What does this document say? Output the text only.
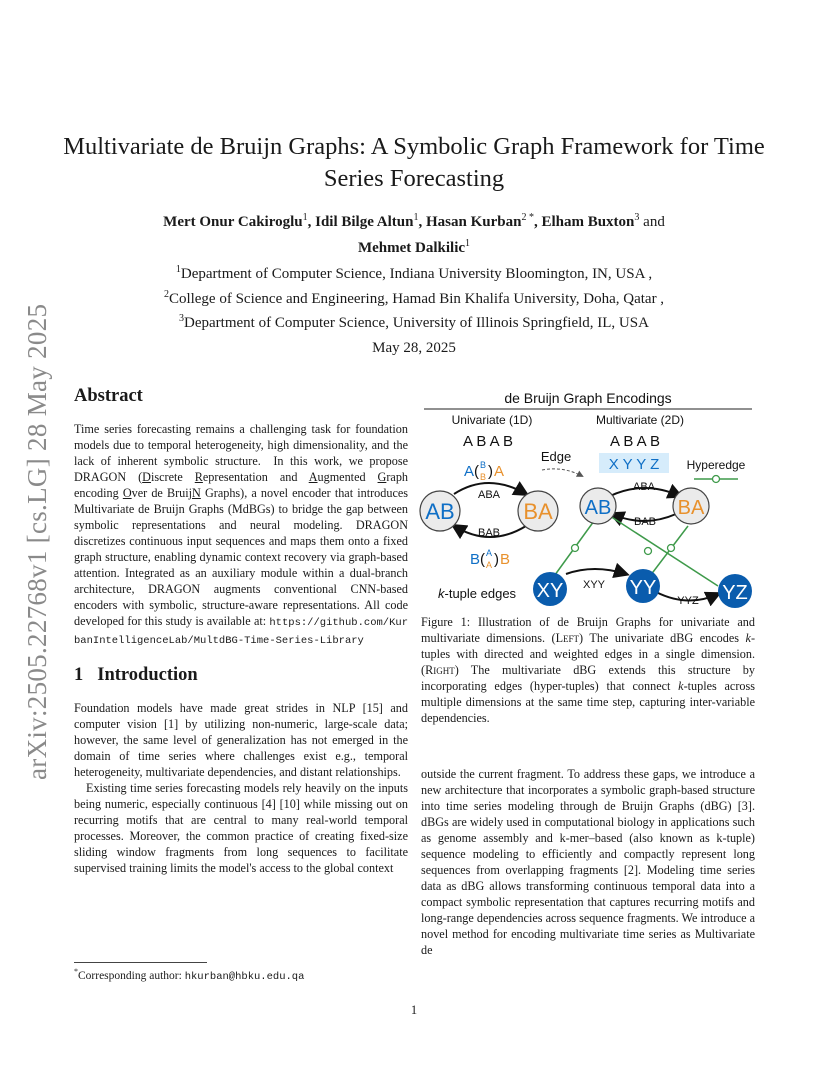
arXiv:2505.22768v1 [cs.LG] 28 May 2025
Multivariate de Bruijn Graphs: A Symbolic Graph Framework for Time Series Forecasting
Mert Onur Cakiroglu$^1$, Idil Bilge Altun$^1$, Hasan Kurban$^{2 *}$, Elham Buxton$^3$ and
Mehmet Dalkilic$^1$
$^1$Department of Computer Science, Indiana University Bloomington, IN, USA ,
$^2$College of Science and Engineering, Hamad Bin Khalifa University, Doha, Qatar ,
$^3$Department of Computer Science, University of Illinois Springfield, IL, USA
May 28, 2025
Abstract

Time series forecasting remains a challenging task for foundation models due to temporal heterogeneity, high dimensionality, and the lack of inherent symbolic structure. In this work, we propose DRAGON (Discrete Representation and Augmented Graph encoding Over de BruijN Graphs), a novel encoder that introduces Multivariate de Bruijn Graphs (MdBGs) to bridge the gap between symbolic representations and neural modeling. DRAGON discretizes continuous input sequences and maps them onto a fixed graph structure, enabling dynamic context recovery via graph-based attention. Integrated as an auxiliary module within a dual-branch architecture, DRAGON augments conventional CNN-based encoders with symbolic, structure-aware representations. All code developed for this study is available at: https://github.com/KurbanIntelligenceLab/MultdBG-Time-Series-Library

1 Introduction

Foundation models have made great strides in NLP [15] and computer vision [1] by utilizing non-numeric, large-scale data; however, the same level of generalization has not emerged in the domain of time series where challenges exist e.g., temporal heterogeneity, multivariate dependencies, and distant relationships.

Existing time series forecasting models rely heavily on the inputs being numeric, especially continuous [4] [10] while missing out on recurring motifs that are central to many real-world temporal processes. Moreover, the common practice of creating fixed-size sliding window fragments from long sequences to facilitate supervised training limits the model's access to the global context

*Corresponding author: hkurban@hbku.edu.qa
de Bruijn Graph Encodings
Univariate (1D)	Multivariate (2D)
A B A B	A B A B
X Y Y Z
Edge
Hyperedge
A ( B
B ) A
ABA
BAB
AB	BA
B ( A
A ) B
k-tuple edges
ABA
BAB
AB	BA
XYY
YYZ
XY	YY	YZ

Figure 1: Illustration of de Bruijn Graphs for univariate and multivariate dimensions. (Left) The univariate dBG encodes k-tuples with directed and weighted edges in a single dimension. (Right) The multivariate dBG extends this structure by incorporating edges (hyper-tuples) that connect k-tuples across multiple dimensions at the same time step, capturing inter-variable dependencies.

outside the current fragment. To address these gaps, we introduce a new architecture that incorporates a symbolic graph-based structure into time series modeling through de Bruijn Graphs (dBG) [3]. dBGs are widely used in computational biology in applications such as genome assembly and k-mer–based (also known as k-tuple) sequence modeling to efficiently and compactly represent long sequences from overlapping fragments [2]. Modeling time series data as dBG allows transforming continuous temporal data into a compact symbolic representation that captures recurring motifs and long-range dependencies across sequence fragments. We introduce a novel method for encoding multivariate time series as Multivariate de

1
